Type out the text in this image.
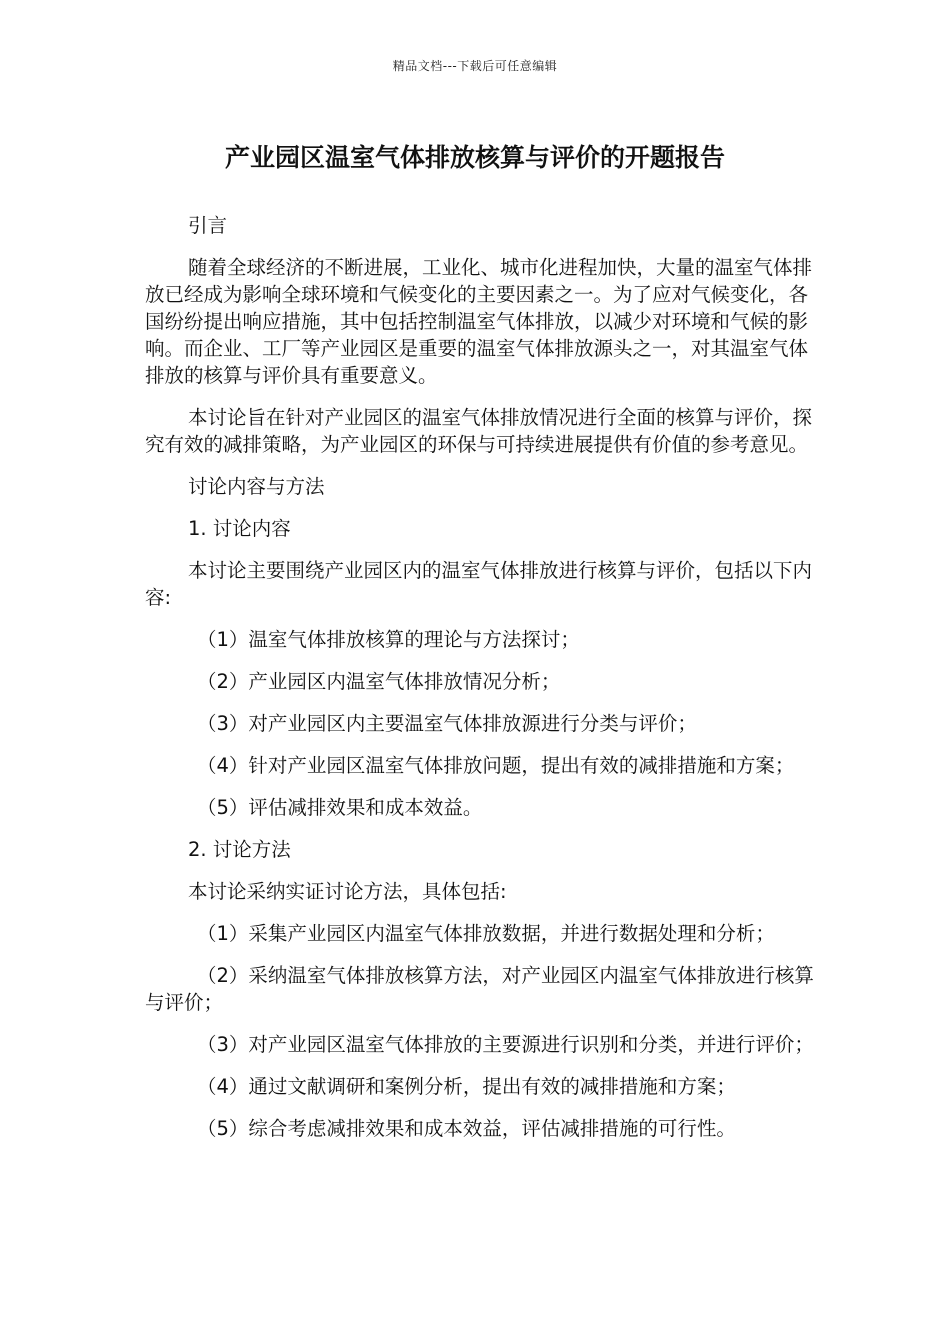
精品文档---下载后可任意编辑
产业园区温室气体排放核算与评价的开题报告

引言

随着全球经济的不断进展，工业化、城市化进程加快，大量的温室气体排放已经成为影响全球环境和气候变化的主要因素之一。为了应对气候变化，各国纷纷提出响应措施，其中包括控制温室气体排放，以减少对环境和气候的影响。而企业、工厂等产业园区是重要的温室气体排放源头之一，对其温室气体排放的核算与评价具有重要意义。

本讨论旨在针对产业园区的温室气体排放情况进行全面的核算与评价，探究有效的减排策略，为产业园区的环保与可持续进展提供有价值的参考意见。

讨论内容与方法

1. 讨论内容

本讨论主要围绕产业园区内的温室气体排放进行核算与评价，包括以下内容:

（1）温室气体排放核算的理论与方法探讨；

（2）产业园区内温室气体排放情况分析；

（3）对产业园区内主要温室气体排放源进行分类与评价；

（4）针对产业园区温室气体排放问题，提出有效的减排措施和方案；

（5）评估减排效果和成本效益。

2. 讨论方法

本讨论采纳实证讨论方法，具体包括:

（1）采集产业园区内温室气体排放数据，并进行数据处理和分析；

（2）采纳温室气体排放核算方法，对产业园区内温室气体排放进行核算与评价；

（3）对产业园区温室气体排放的主要源进行识别和分类，并进行评价；

（4）通过文献调研和案例分析，提出有效的减排措施和方案；

（5）综合考虑减排效果和成本效益，评估减排措施的可行性。
